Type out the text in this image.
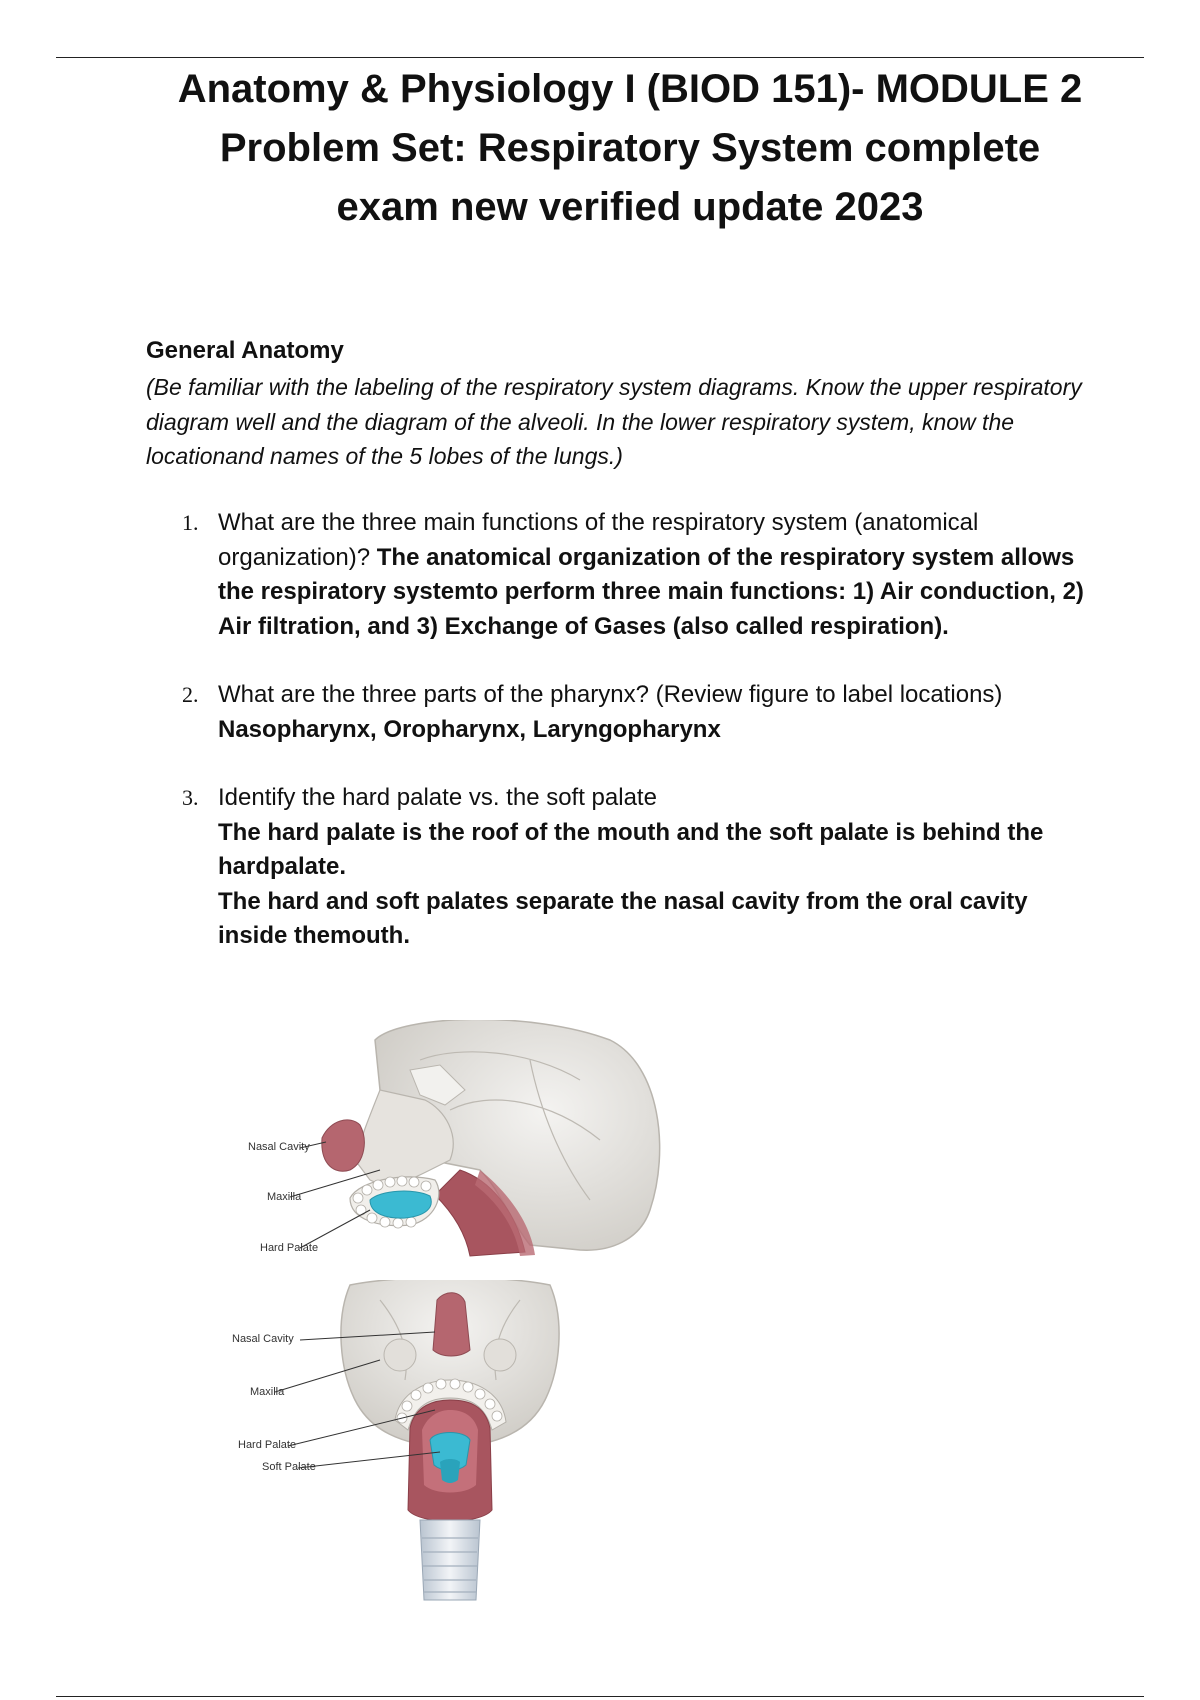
Anatomy & Physiology I (BIOD 151)- MODULE 2
Problem Set: Respiratory System complete
exam new verified update 2023
General Anatomy
(Be familiar with the labeling of the respiratory system diagrams. Know the upper respiratory diagram well and the diagram of the alveoli. In the lower respiratory system, know the locationand names of the 5 lobes of the lungs.)
1. What are the three main functions of the respiratory system (anatomical organization)? The anatomical organization of the respiratory system allows the respiratory systemto perform three main functions: 1) Air conduction, 2) Air filtration, and 3) Exchange of Gases (also called respiration).
2. What are the three parts of the pharynx? (Review figure to label locations)
Nasopharynx, Oropharynx, Laryngopharynx
3. Identify the hard palate vs. the soft palate
The hard palate is the roof of the mouth and the soft palate is behind the hardpalate.
The hard and soft palates separate the nasal cavity from the oral cavity inside themouth.
Nasal Cavity
Maxilla
Hard Palate
Nasal Cavity
Maxilla
Hard Palate
Soft Palate
